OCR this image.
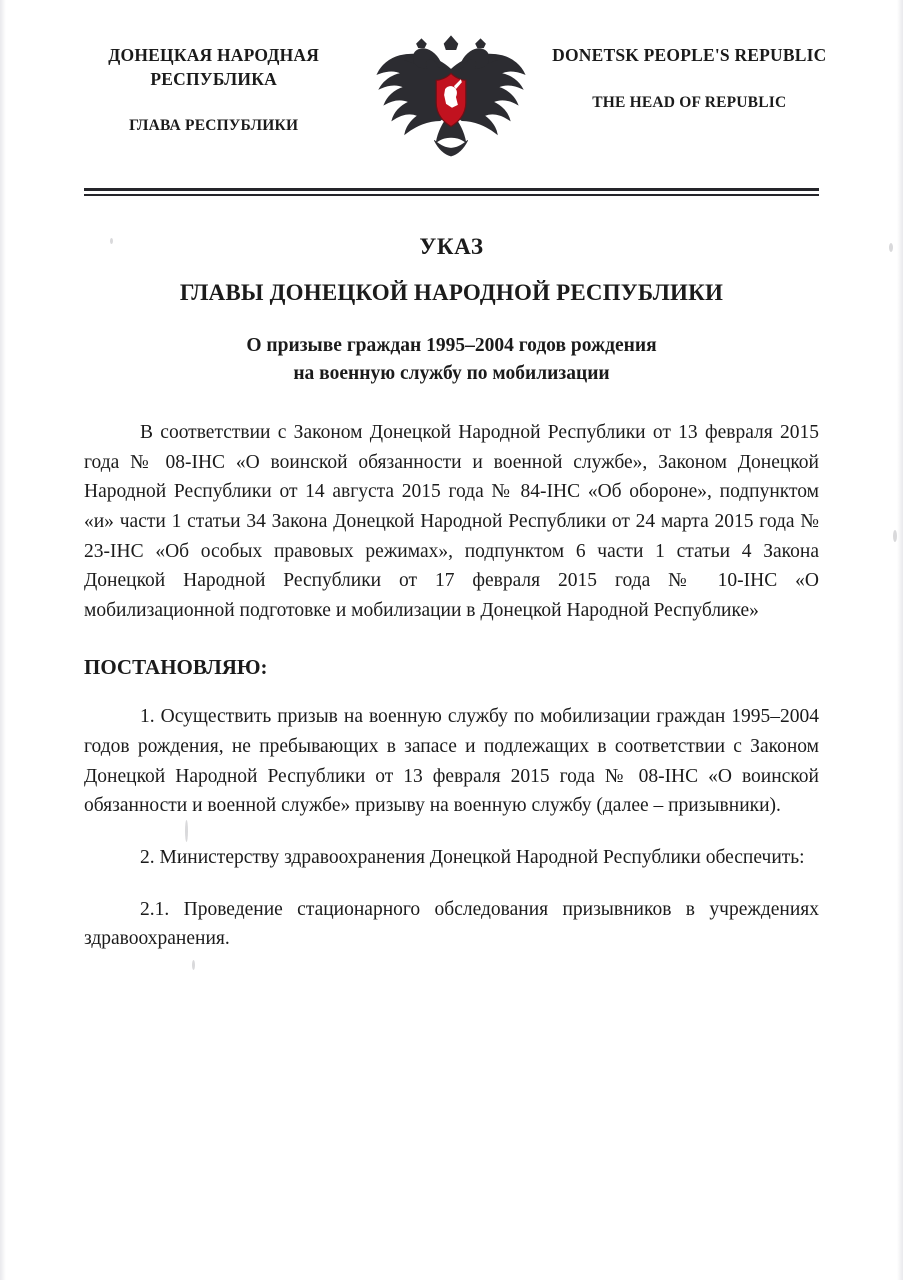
ДОНЕЦКАЯ НАРОДНАЯ РЕСПУБЛИКА
ГЛАВА РЕСПУБЛИКИ
DONETSK PEOPLE'S REPUBLIC
THE HEAD OF REPUBLIC
УКАЗ
ГЛАВЫ ДОНЕЦКОЙ НАРОДНОЙ РЕСПУБЛИКИ
О призыве граждан 1995–2004 годов рождения
на военную службу по мобилизации

В соответствии с Законом Донецкой Народной Республики от 13 февраля 2015 года № 08-IHC «О воинской обязанности и военной службе», Законом Донецкой Народной Республики от 14 августа 2015 года № 84-IHC «Об обороне», подпунктом «и» части 1 статьи 34 Закона Донецкой Народной Республики от 24 марта 2015 года № 23-IHC «Об особых правовых режимах», подпунктом 6 части 1 статьи 4 Закона Донецкой Народной Республики от 17 февраля 2015 года № 10-IHC «О мобилизационной подготовке и мобилизации в Донецкой Народной Республике»

ПОСТАНОВЛЯЮ:

1. Осуществить призыв на военную службу по мобилизации граждан 1995–2004 годов рождения, не пребывающих в запасе и подлежащих в соответствии с Законом Донецкой Народной Республики от 13 февраля 2015 года № 08-IHC «О воинской обязанности и военной службе» призыву на военную службу (далее – призывники).

2. Министерству здравоохранения Донецкой Народной Республики обеспечить:

2.1. Проведение стационарного обследования призывников в учреждениях здравоохранения.
